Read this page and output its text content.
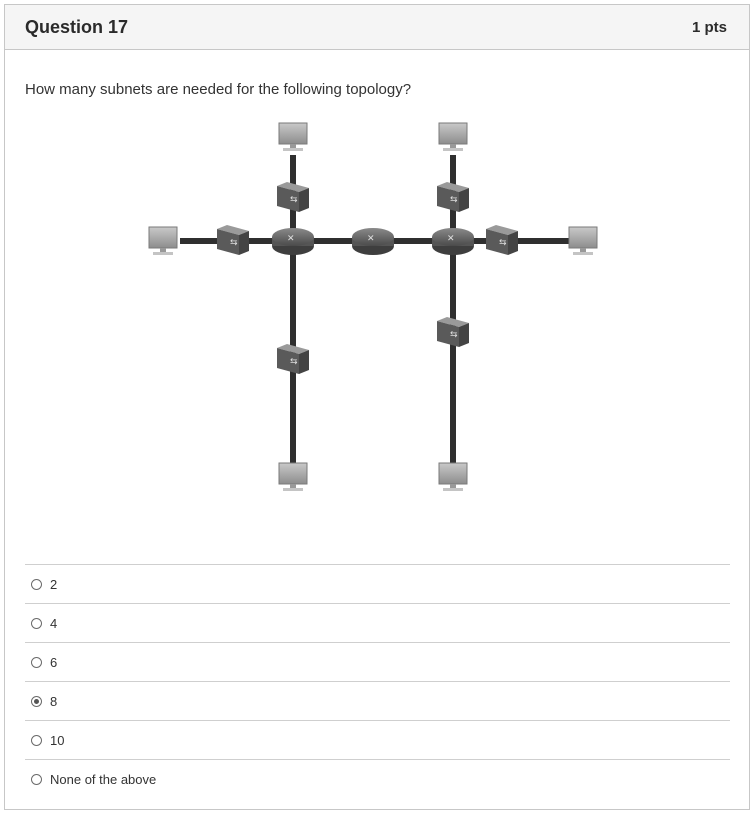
Question 17	1 pts
How many subnets are needed for the following topology?
⇆	⇆
⇆	⇆
⇆
⇆
✕	✕	✕
2
4
6
8
10
None of the above
